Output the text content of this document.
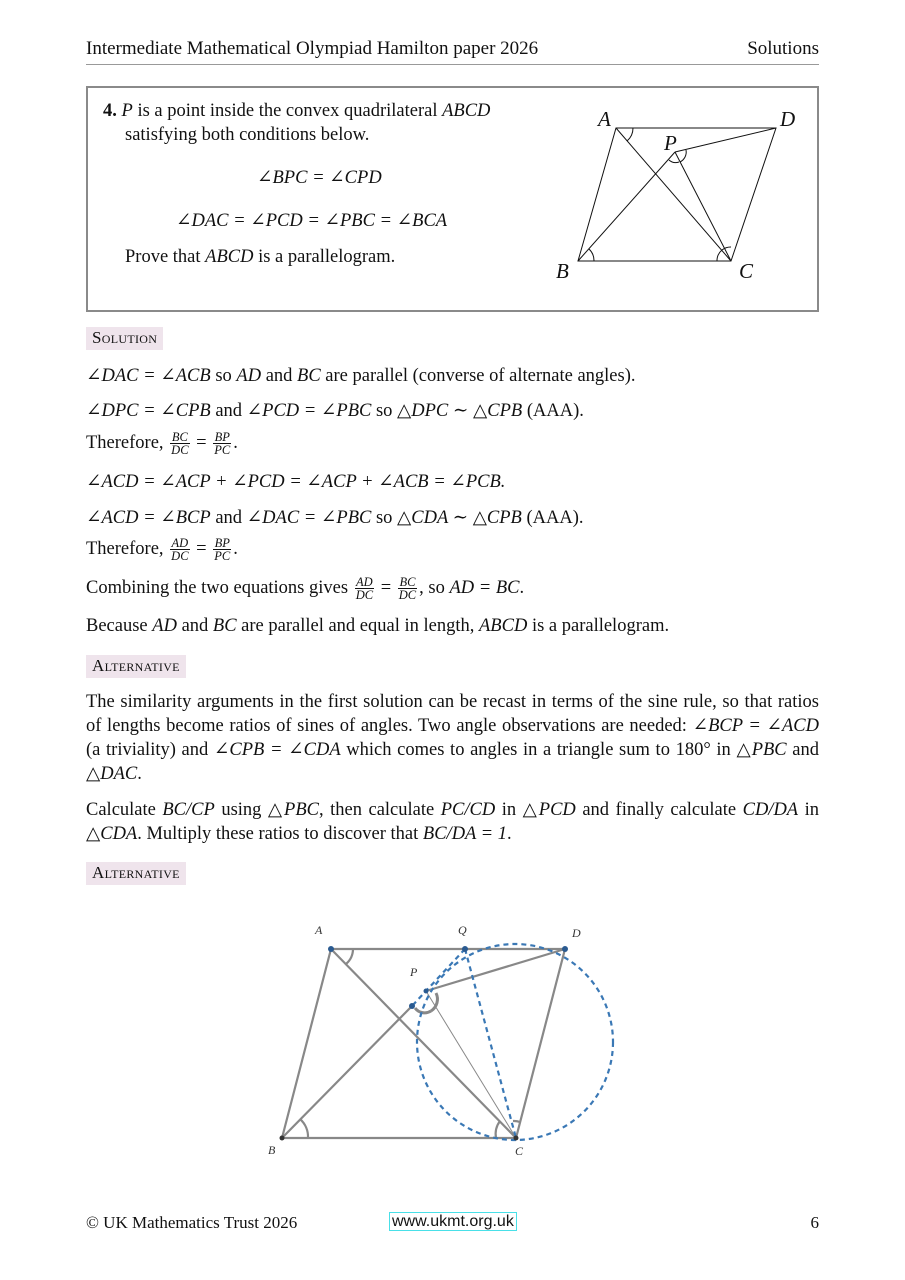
Intermediate Mathematical Olympiad Hamilton paper 2026	Solutions
4. P is a point inside the convex quadrilateral ABCD
satisfying both conditions below.
∠BPC = ∠CPD
∠DAC = ∠PCD = ∠PBC = ∠BCA
Prove that ABCD is a parallelogram.
A	D
P
B	C
Solution
∠DAC = ∠ACB so AD and BC are parallel (converse of alternate angles).
∠DPC = ∠CPB and ∠PCD = ∠PBC so △DPC ∼ △CPB (AAA).
Therefore, $\frac{BC}{DC} = \frac{BP}{PC}$ .
∠ACD = ∠ACP + ∠PCD = ∠ACP + ∠ACB = ∠PCB.
∠ACD = ∠BCP and ∠DAC = ∠PBC so △CDA ∼ △CPB (AAA).
Therefore, $\frac{AD}{DC} = \frac{BP}{PC}$ .
Combining the two equations gives $\frac{AD}{DC} = \frac{BC}{DC}$ , so AD = BC.
Because AD and BC are parallel and equal in length, ABCD is a parallelogram.
Alternative
The similarity arguments in the first solution can be recast in terms of the sine rule, so that ratios of lengths become ratios of sines of angles. Two angle observations are needed: ∠BCP = ∠ACD (a triviality) and ∠CPB = ∠CDA which comes to angles in a triangle sum to 180° in △PBC and △DAC.
Calculate BC/CP using △PBC, then calculate PC/CD in △PCD and finally calculate CD/DA in △CDA. Multiply these ratios to discover that BC/DA = 1.
Alternative
A	Q	D
P
B	C
© UK Mathematics Trust 2026	www.ukmt.org.uk	6
